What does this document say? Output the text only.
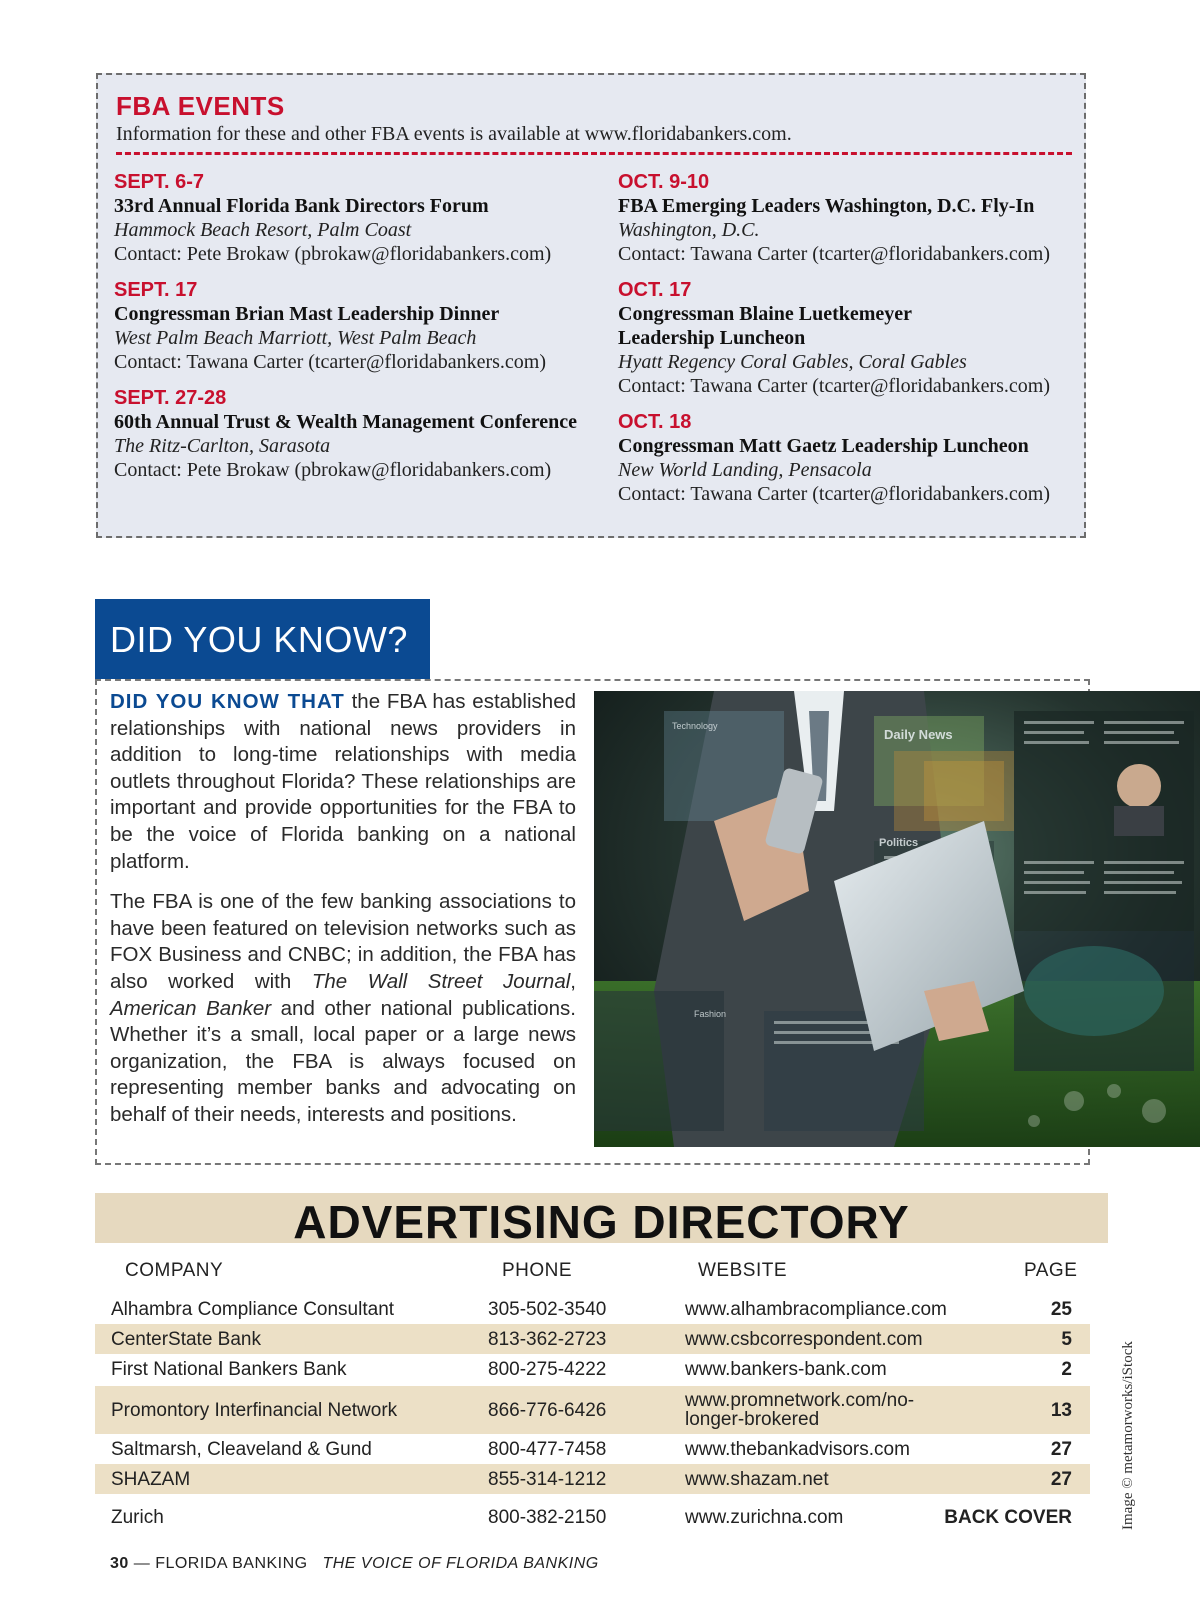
FBA EVENTS
Information for these and other FBA events is available at www.floridabankers.com.
SEPT. 6-7
33rd Annual Florida Bank Directors Forum
Hammock Beach Resort, Palm Coast
Contact: Pete Brokaw (pbrokaw@floridabankers.com)
SEPT. 17
Congressman Brian Mast Leadership Dinner
West Palm Beach Marriott, West Palm Beach
Contact: Tawana Carter (tcarter@floridabankers.com)
SEPT. 27-28
60th Annual Trust & Wealth Management Conference
The Ritz-Carlton, Sarasota
Contact: Pete Brokaw (pbrokaw@floridabankers.com)
OCT. 9-10
FBA Emerging Leaders Washington, D.C. Fly-In
Washington, D.C.
Contact: Tawana Carter (tcarter@floridabankers.com)
OCT. 17
Congressman Blaine Luetkemeyer
Leadership Luncheon
Hyatt Regency Coral Gables, Coral Gables
Contact: Tawana Carter (tcarter@floridabankers.com)
OCT. 18
Congressman Matt Gaetz Leadership Luncheon
New World Landing, Pensacola
Contact: Tawana Carter (tcarter@floridabankers.com)
DID YOU KNOW?

DID YOU KNOW THAT the FBA has established relationships with national news providers in addition to long-time relationships with media outlets throughout Florida? These relationships are important and provide opportunities for the FBA to be the voice of Florida banking on a national platform.

The FBA is one of the few banking associations to have been featured on television networks such as FOX Business and CNBC; in addition, the FBA has also worked with The Wall Street Journal, American Banker and other national publications. Whether it’s a small, local paper or a large news organization, the FBA is always focused on representing member banks and advocating on behalf of their needs, interests and positions.

Technology
Daily News
Politics
Fashion
ADVERTISING DIRECTORY
COMPANY	PHONE	WEBSITE	PAGE
Alhambra Compliance Consultant	305-502-3540	www.alhambracompliance.com	25
CenterState Bank	813-362-2723	www.csbcorrespondent.com	5
First National Bankers Bank	800-275-4222	www.bankers-bank.com	2
Promontory Interfinancial Network	866-776-6426	www.promnetwork.com/no-
longer-brokered	13
Saltmarsh, Cleaveland & Gund	800-477-7458	www.thebankadvisors.com	27
SHAZAM	855-314-1212	www.shazam.net	27
Zurich	800-382-2150	www.zurichna.com	BACK COVER	Image © metamorworks/iStock
30 — FLORIDA BANKING THE VOICE OF FLORIDA BANKING
